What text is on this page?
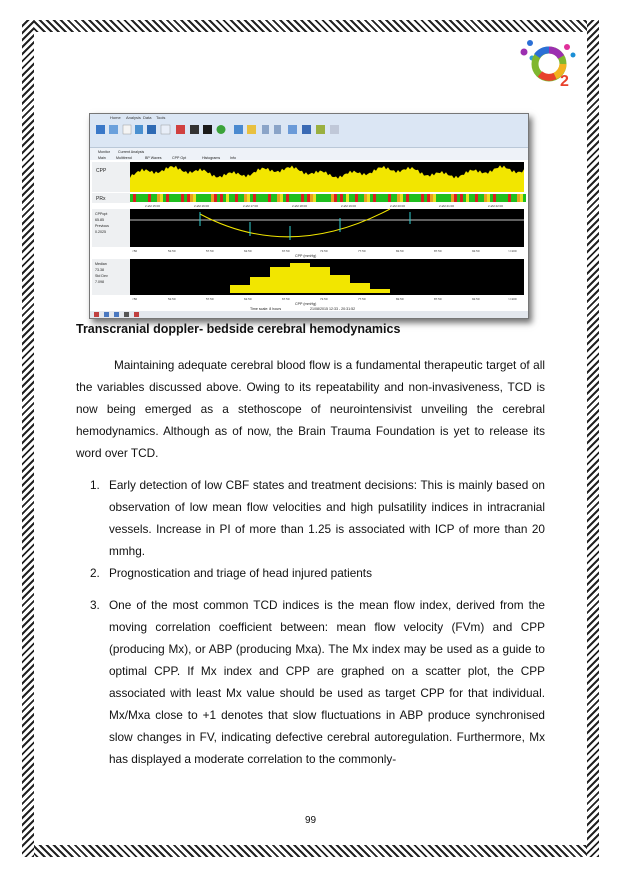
2
Home Analysis Data Tools
Monitor Current Analysis
Main	Multitrend	BP Waves	CPP Opt	Histograms	Info
CPP
PRx
2 aM 15:00	2 aM 16:00	2 aM 17:00	2 aM 18:00	2 aM 19:00	2 aM 20:00	2 aM 21:00	2 aM 22:00
CPPopt
65.85
Previous
0.2025
<50	52.50	57.50	62.50	67.50	72.50	77.50	82.50	87.50	92.50	>=100
CPP (mmHg)
Median
73.38
Std Dev
7.098
<50	52.50	57.50	62.50	67.50	72.50	77.50	82.50	87.50	92.50	>=100
CPP (mmHg)
Time scale: 8 hours	21/08/2015 12:33 - 20:31:52
Transcranial doppler- bedside cerebral hemodynamics
Maintaining adequate cerebral blood flow is a fundamental therapeutic target of all the variables discussed above. Owing to its repeatability and non-invasiveness, TCD is now being emerged as a stethoscope of neurointensivist unveiling the cerebral hemodynamics. Although as of now, the Brain Trauma Foundation is yet to release its word over TCD.
1. Early detection of low CBF states and treatment decisions: This is mainly based on observation of low mean flow velocities and high pulsatility indices in intracranial vessels. Increase in PI of more than 1.25 is associated with ICP of more than 20 mmhg.
2. Prognostication and triage of head injured patients
3. One of the most common TCD indices is the mean flow index, derived from the moving correlation coefficient between: mean flow velocity (FVm) and CPP (producing Mx), or ABP (producing Mxa). The Mx index may be used as a guide to optimal CPP. If Mx index and CPP are graphed on a scatter plot, the CPP associated with least Mx value should be used as target CPP for that individual. Mx/Mxa close to +1 denotes that slow fluctuations in ABP produce synchronised slow changes in FV, indicating defective cerebral autoregulation. Furthermore, Mx has displayed a moderate correlation to the commonly-
99
